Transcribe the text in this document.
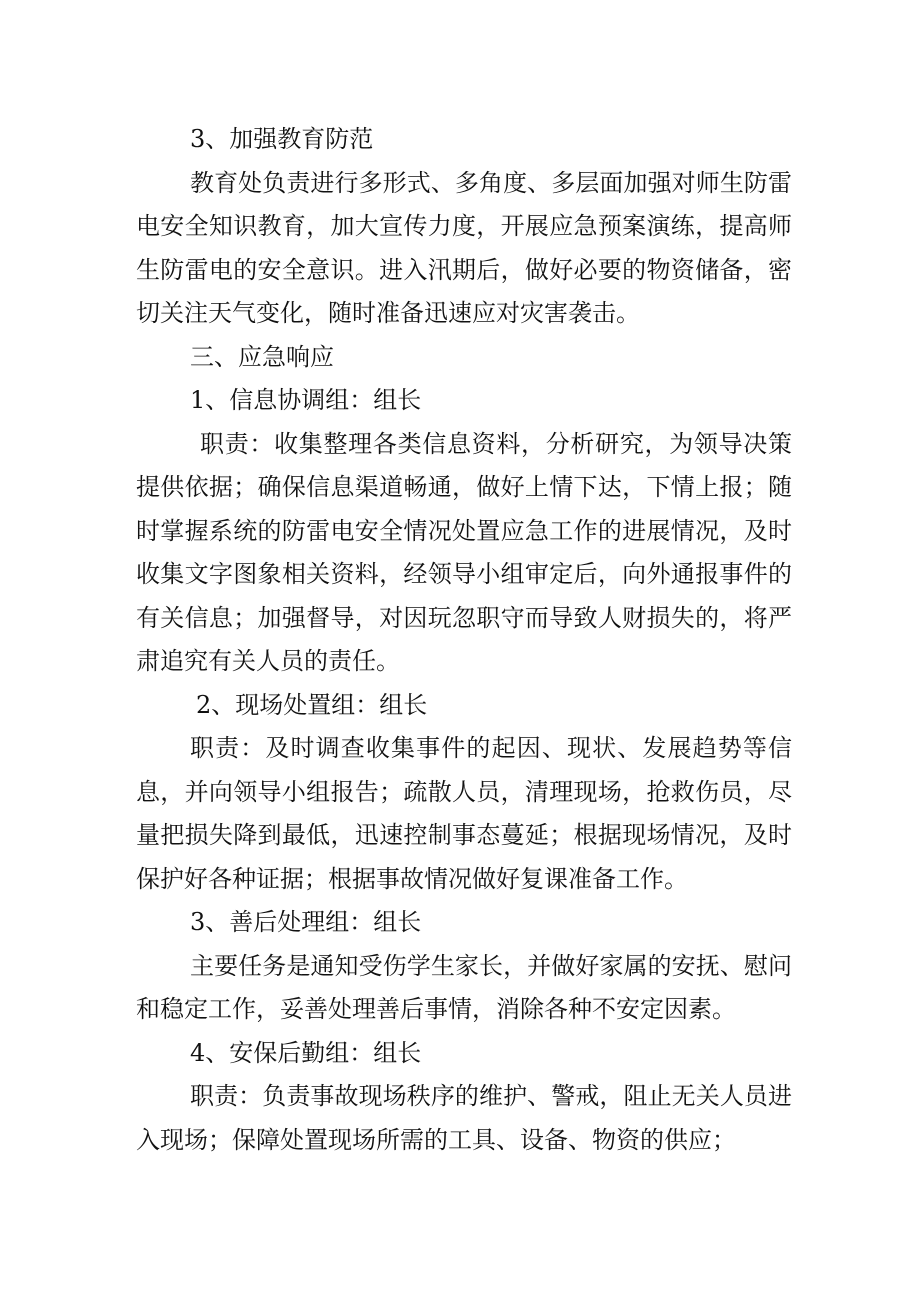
3、加强教育防范

教育处负责进行多形式、多角度、多层面加强对师生防雷电安全知识教育，加大宣传力度，开展应急预案演练，提高师生防雷电的安全意识。进入汛期后，做好必要的物资储备，密切关注天气变化，随时准备迅速应对灾害袭击。

三、应急响应

1、信息协调组：组长

职责：收集整理各类信息资料，分析研究，为领导决策提供依据；确保信息渠道畅通，做好上情下达，下情上报；随时掌握系统的防雷电安全情况处置应急工作的进展情况，及时收集文字图象相关资料，经领导小组审定后，向外通报事件的有关信息；加强督导，对因玩忽职守而导致人财损失的，将严肃追究有关人员的责任。

2、现场处置组：组长

职责：及时调查收集事件的起因、现状、发展趋势等信息，并向领导小组报告；疏散人员，清理现场，抢救伤员，尽量把损失降到最低，迅速控制事态蔓延；根据现场情况，及时保护好各种证据；根据事故情况做好复课准备工作。

3、善后处理组：组长

主要任务是通知受伤学生家长，并做好家属的安抚、慰问和稳定工作，妥善处理善后事情，消除各种不安定因素。

4、安保后勤组：组长

职责：负责事故现场秩序的维护、警戒，阻止无关人员进入现场；保障处置现场所需的工具、设备、物资的供应；
